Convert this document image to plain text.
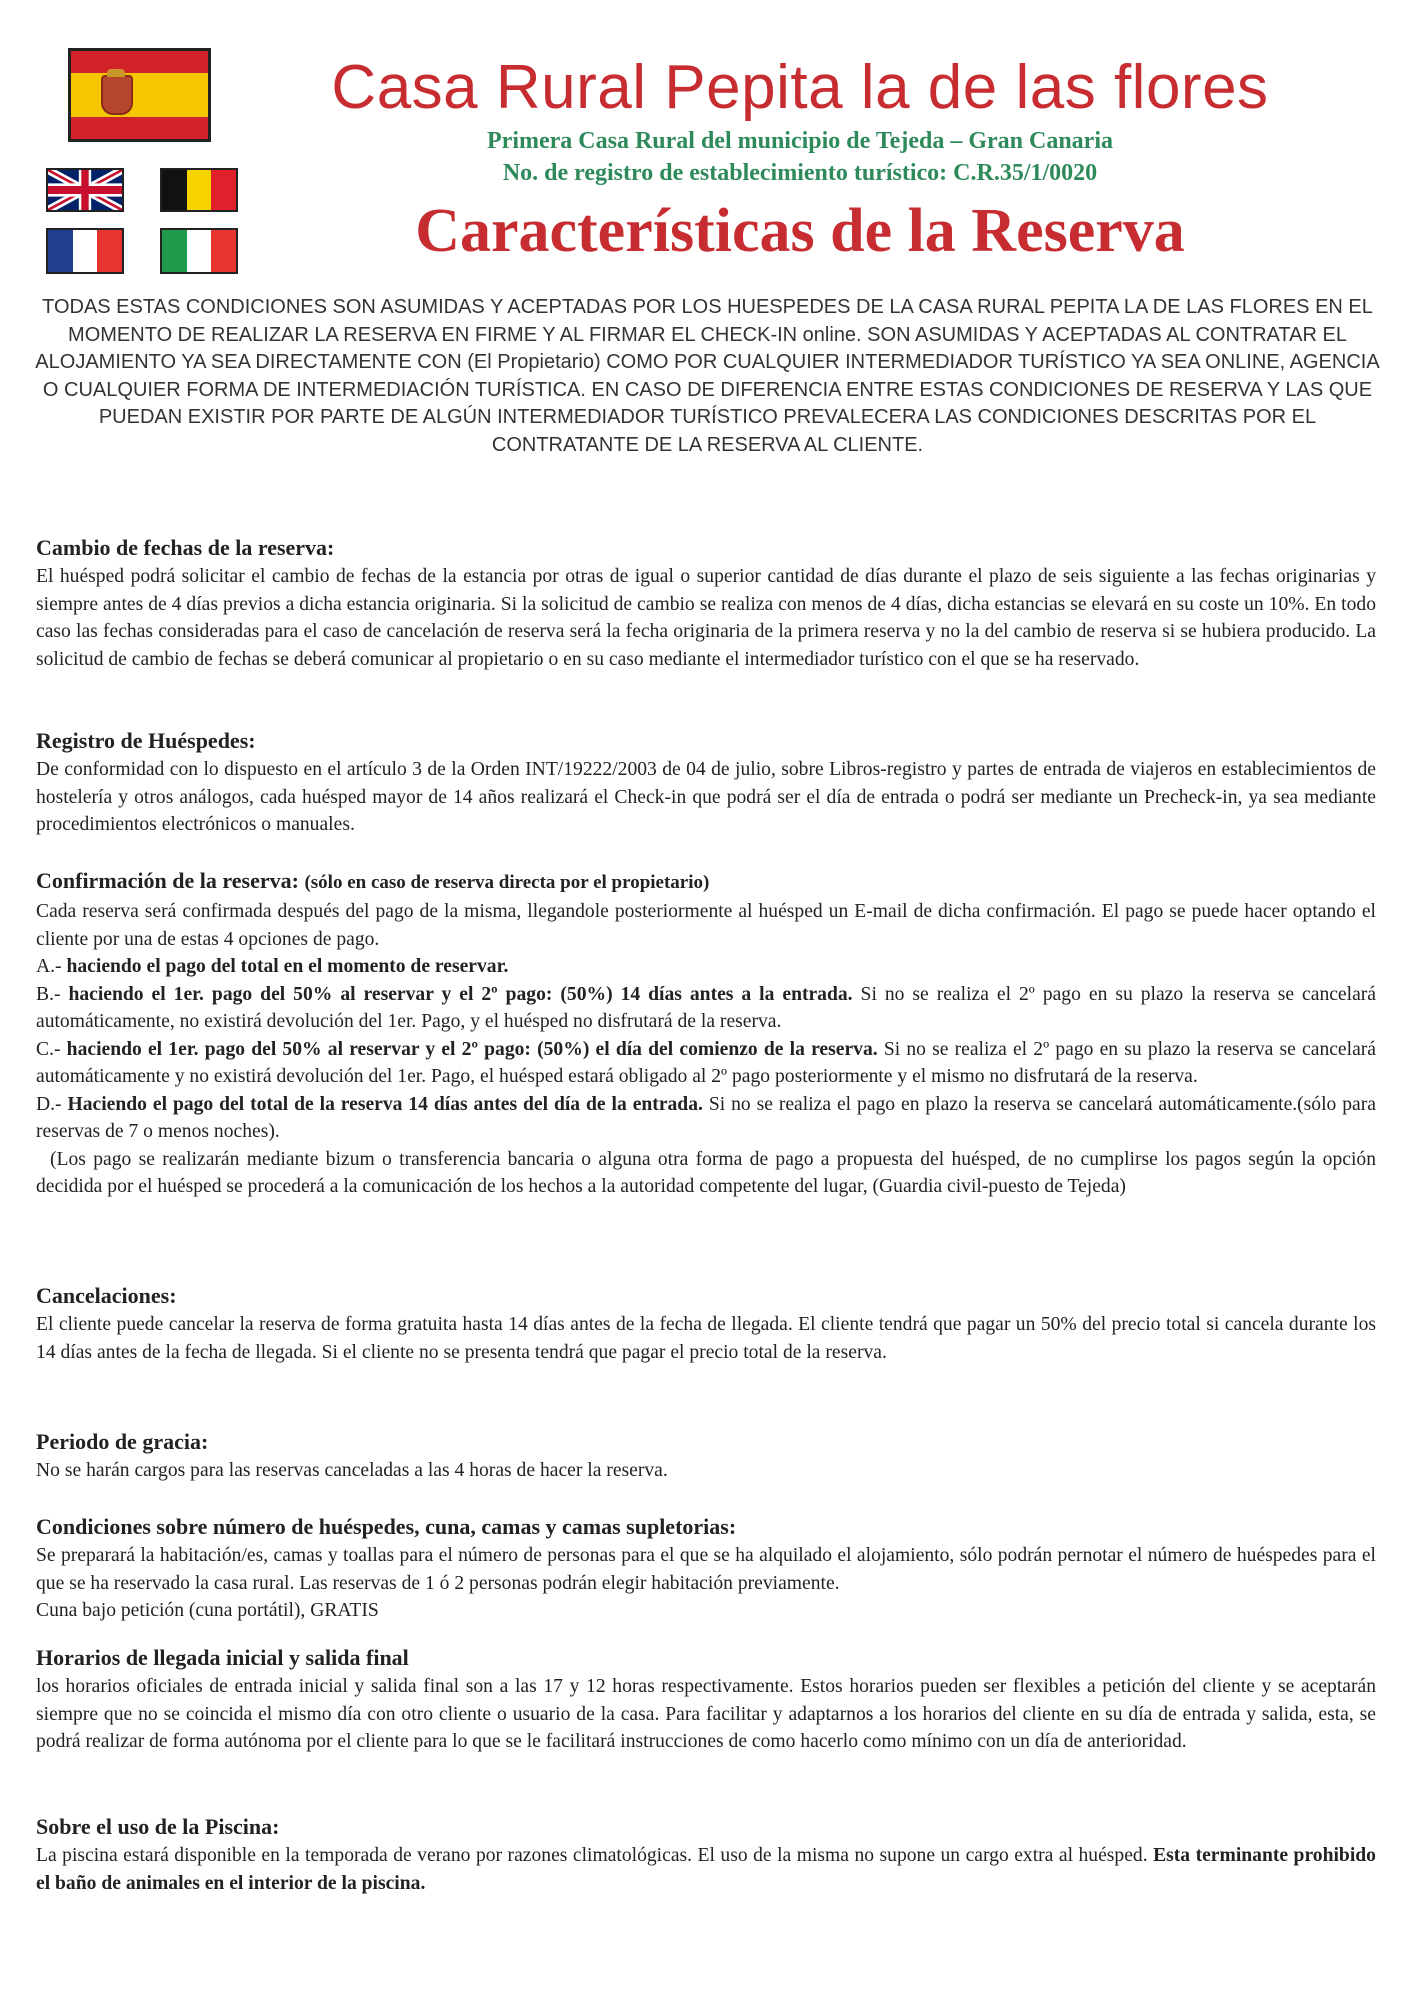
Casa Rural Pepita la de las flores
Primera Casa Rural del municipio de Tejeda – Gran Canaria
No. de registro de establecimiento turístico: C.R.35/1/0020
Características de la Reserva
TODAS ESTAS CONDICIONES SON ASUMIDAS Y ACEPTADAS POR LOS HUESPEDES DE LA CASA RURAL PEPITA LA DE LAS FLORES EN EL MOMENTO DE REALIZAR LA RESERVA EN FIRME Y AL FIRMAR EL CHECK-IN online. SON ASUMIDAS Y ACEPTADAS AL CONTRATAR EL ALOJAMIENTO YA SEA DIRECTAMENTE CON (El Propietario) COMO POR CUALQUIER INTERMEDIADOR TURÍSTICO YA SEA ONLINE, AGENCIA O CUALQUIER FORMA DE INTERMEDIACIÓN TURÍSTICA. EN CASO DE DIFERENCIA ENTRE ESTAS CONDICIONES DE RESERVA Y LAS QUE PUEDAN EXISTIR POR PARTE DE ALGÚN INTERMEDIADOR TURÍSTICO PREVALECERA LAS CONDICIONES DESCRITAS POR EL CONTRATANTE DE LA RESERVA AL CLIENTE.
Cambio de fechas de la reserva:

El huésped podrá solicitar el cambio de fechas de la estancia por otras de igual o superior cantidad de días durante el plazo de seis siguiente a las fechas originarias y siempre antes de 4 días previos a dicha estancia originaria. Si la solicitud de cambio se realiza con menos de 4 días, dicha estancias se elevará en su coste un 10%. En todo caso las fechas consideradas para el caso de cancelación de reserva será la fecha originaria de la primera reserva y no la del cambio de reserva si se hubiera producido. La solicitud de cambio de fechas se deberá comunicar al propietario o en su caso mediante el intermediador turístico con el que se ha reservado.

Registro de Huéspedes:

De conformidad con lo dispuesto en el artículo 3 de la Orden INT/19222/2003 de 04 de julio, sobre Libros-registro y partes de entrada de viajeros en establecimientos de hostelería y otros análogos, cada huésped mayor de 14 años realizará el Check-in que podrá ser el día de entrada o podrá ser mediante un Precheck-in, ya sea mediante procedimientos electrónicos o manuales.

Confirmación de la reserva: (sólo en caso de reserva directa por el propietario)

Cada reserva será confirmada después del pago de la misma, llegandole posteriormente al huésped un E-mail de dicha confirmación. El pago se puede hacer optando el cliente por una de estas 4 opciones de pago.

A.- haciendo el pago del total en el momento de reservar.

B.- haciendo el 1er. pago del 50% al reservar y el 2º pago: (50%) 14 días antes a la entrada. Si no se realiza el 2º pago en su plazo la reserva se cancelará automáticamente, no existirá devolución del 1er. Pago, y el huésped no disfrutará de la reserva.

C.- haciendo el 1er. pago del 50% al reservar y el 2º pago: (50%) el día del comienzo de la reserva. Si no se realiza el 2º pago en su plazo la reserva se cancelará automáticamente y no existirá devolución del 1er. Pago, el huésped estará obligado al 2º pago posteriormente y el mismo no disfrutará de la reserva.

D.- Haciendo el pago del total de la reserva 14 días antes del día de la entrada. Si no se realiza el pago en plazo la reserva se cancelará automáticamente.(sólo para reservas de 7 o menos noches).

(Los pago se realizarán mediante bizum o transferencia bancaria o alguna otra forma de pago a propuesta del huésped, de no cumplirse los pagos según la opción decidida por el huésped se procederá a la comunicación de los hechos a la autoridad competente del lugar, (Guardia civil-puesto de Tejeda)

Cancelaciones:

El cliente puede cancelar la reserva de forma gratuita hasta 14 días antes de la fecha de llegada. El cliente tendrá que pagar un 50% del precio total si cancela durante los 14 días antes de la fecha de llegada. Si el cliente no se presenta tendrá que pagar el precio total de la reserva.

Periodo de gracia:

No se harán cargos para las reservas canceladas a las 4 horas de hacer la reserva.

Condiciones sobre número de huéspedes, cuna, camas y camas supletorias:

Se preparará la habitación/es, camas y toallas para el número de personas para el que se ha alquilado el alojamiento, sólo podrán pernotar el número de huéspedes para el que se ha reservado la casa rural. Las reservas de 1 ó 2 personas podrán elegir habitación previamente.

Cuna bajo petición (cuna portátil), GRATIS

Horarios de llegada inicial y salida final

los horarios oficiales de entrada inicial y salida final son a las 17 y 12 horas respectivamente. Estos horarios pueden ser flexibles a petición del cliente y se aceptarán siempre que no se coincida el mismo día con otro cliente o usuario de la casa. Para facilitar y adaptarnos a los horarios del cliente en su día de entrada y salida, esta, se podrá realizar de forma autónoma por el cliente para lo que se le facilitará instrucciones de como hacerlo como mínimo con un día de anterioridad.

Sobre el uso de la Piscina:

La piscina estará disponible en la temporada de verano por razones climatológicas. El uso de la misma no supone un cargo extra al huésped. Esta terminante prohibido el baño de animales en el interior de la piscina.
